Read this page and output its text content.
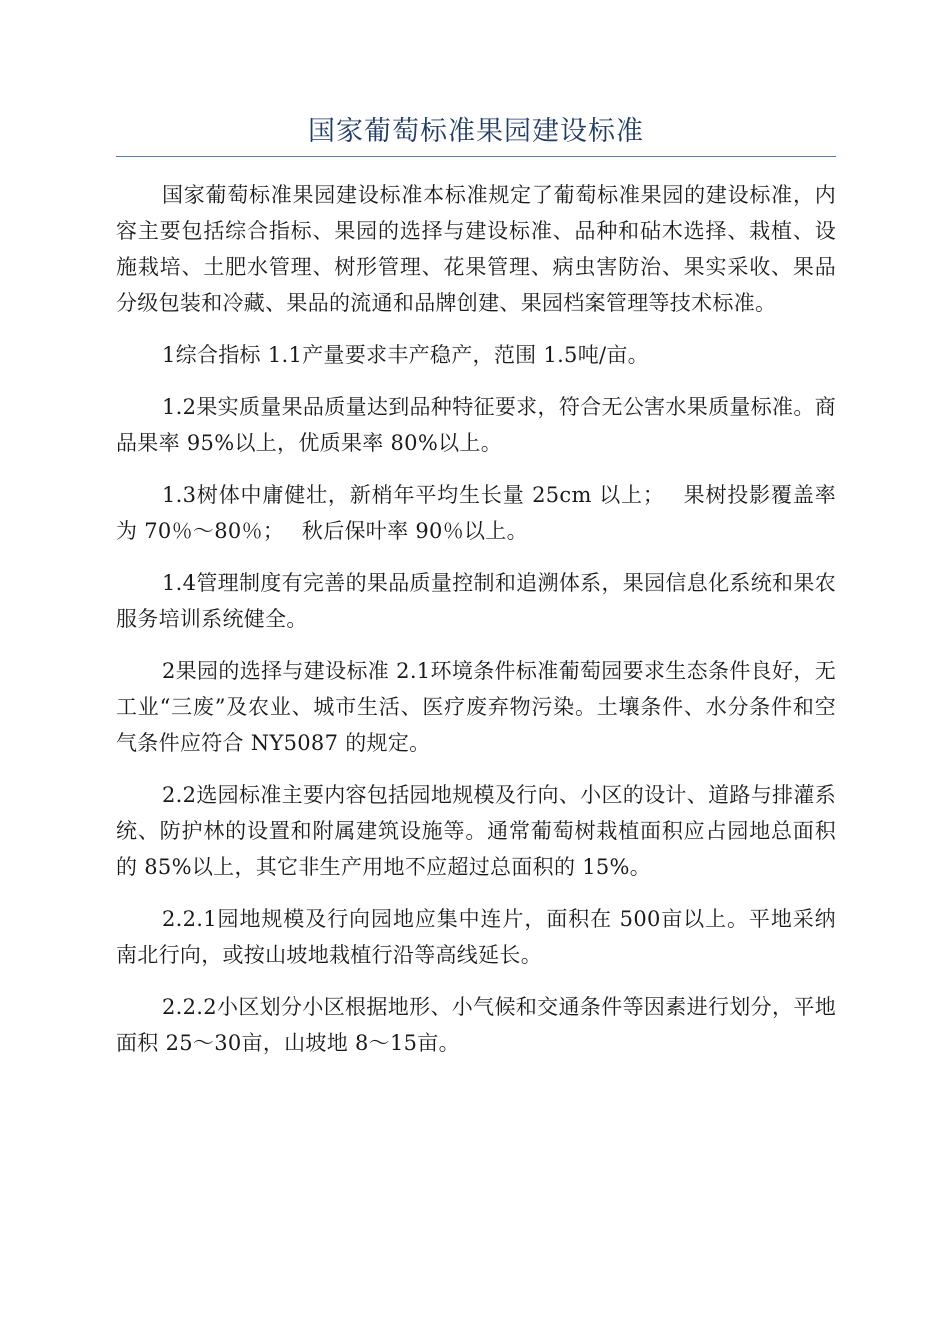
国家葡萄标准果园建设标准

国家葡萄标准果园建设标准本标准规定了葡萄标准果园的建设标准，内容主要包括综合指标、果园的选择与建设标准、品种和砧木选择、栽植、设施栽培、土肥水管理、树形管理、花果管理、病虫害防治、果实采收、果品分级包装和冷藏、果品的流通和品牌创建、果园档案管理等技术标准。

1综合指标 1.1产量要求丰产稳产，范围 1.5吨/亩。

1.2果实质量果品质量达到品种特征要求，符合无公害水果质量标准。商品果率 95%以上，优质果率 80%以上。

1.3树体中庸健壮，新梢年平均生长量 25cm 以上；　 果树投影覆盖率为 70％～80％；　 秋后保叶率 90％以上。

1.4管理制度有完善的果品质量控制和追溯体系，果园信息化系统和果农服务培训系统健全。

2果园的选择与建设标准 2.1环境条件标准葡萄园要求生态条件良好，无工业“三废”及农业、城市生活、医疗废弃物污染。土壤条件、水分条件和空气条件应符合 NY5087 的规定。

2.2选园标准主要内容包括园地规模及行向、小区的设计、道路与排灌系统、防护林的设置和附属建筑设施等。通常葡萄树栽植面积应占园地总面积的 85%以上，其它非生产用地不应超过总面积的 15%。

2.2.1园地规模及行向园地应集中连片，面积在 500亩以上。平地采纳南北行向，或按山坡地栽植行沿等高线延长。

2.2.2小区划分小区根据地形、小气候和交通条件等因素进行划分，平地面积 25～30亩，山坡地 8～15亩。
